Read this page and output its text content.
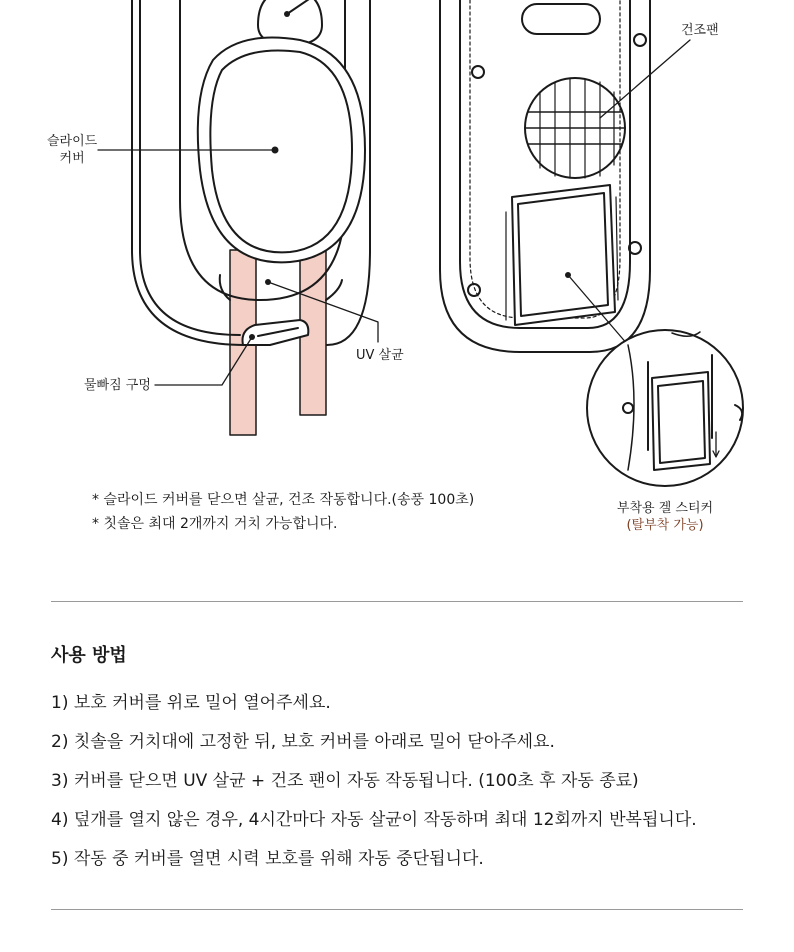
슬라이드
커버
건조팬
UV 살균
물빠짐 구멍
부착용 겔 스티커
(탈부착 가능)
* 슬라이드 커버를 닫으면 살균, 건조 작동합니다.(송풍 100초)
* 칫솔은 최대 2개까지 거치 가능합니다.
사용 방법
1) 보호 커버를 위로 밀어 열어주세요.
2) 칫솔을 거치대에 고정한 뒤, 보호 커버를 아래로 밀어 닫아주세요.
3) 커버를 닫으면 UV 살균 + 건조 팬이 자동 작동됩니다. (100초 후 자동 종료)
4) 덮개를 열지 않은 경우, 4시간마다 자동 살균이 작동하며 최대 12회까지 반복됩니다.
5) 작동 중 커버를 열면 시력 보호를 위해 자동 중단됩니다.
